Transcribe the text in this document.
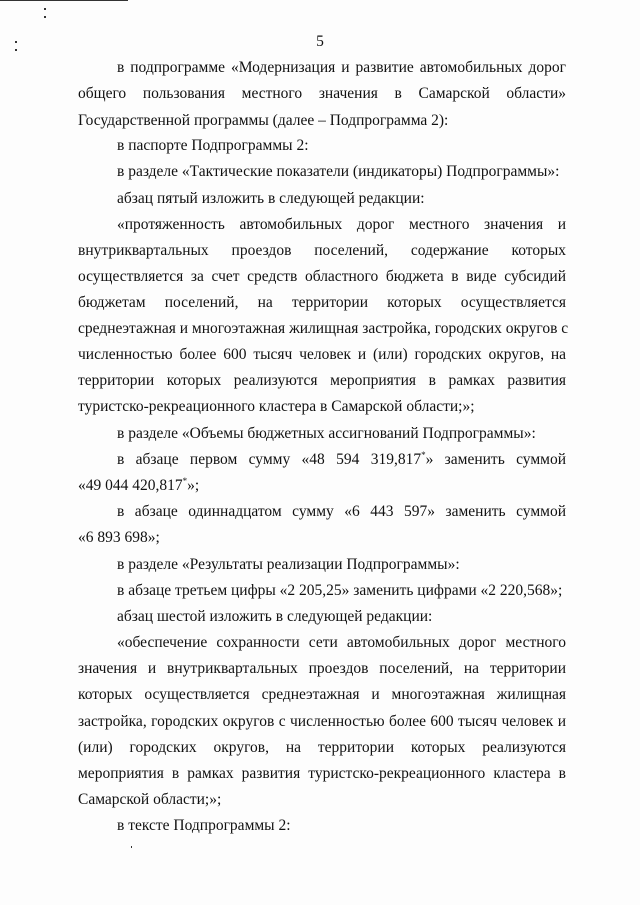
5
в подпрограмме «Модернизация и развитие автомобильных дорог
общего пользования местного значения в Самарской области»
Государственной программы (далее – Подпрограмма 2):
в паспорте Подпрограммы 2:
в разделе «Тактические показатели (индикаторы) Подпрограммы»:
абзац пятый изложить в следующей редакции:
«протяженность автомобильных дорог местного значения и
внутриквартальных проездов поселений, содержание которых
осуществляется за счет средств областного бюджета в виде субсидий
бюджетам поселений, на территории которых осуществляется
среднеэтажная и многоэтажная жилищная застройка, городских округов с
численностью более 600 тысяч человек и (или) городских округов, на
территории которых реализуются мероприятия в рамках развития
туристско-рекреационного кластера в Самарской области;»;
в разделе «Объемы бюджетных ассигнований Подпрограммы»:
в абзаце первом сумму «48 594 319,817*» заменить суммой
«49 044 420,817*»;
в абзаце одиннадцатом сумму «6 443 597» заменить суммой
«6 893 698»;
в разделе «Результаты реализации Подпрограммы»:
в абзаце третьем цифры «2 205,25» заменить цифрами «2 220,568»;
абзац шестой изложить в следующей редакции:
«обеспечение сохранности сети автомобильных дорог местного
значения и внутриквартальных проездов поселений, на территории
которых осуществляется среднеэтажная и многоэтажная жилищная
застройка, городских округов с численностью более 600 тысяч человек и
(или) городских округов, на территории которых реализуются
мероприятия в рамках развития туристско-рекреационного кластера в
Самарской области;»;
в тексте Подпрограммы 2:
